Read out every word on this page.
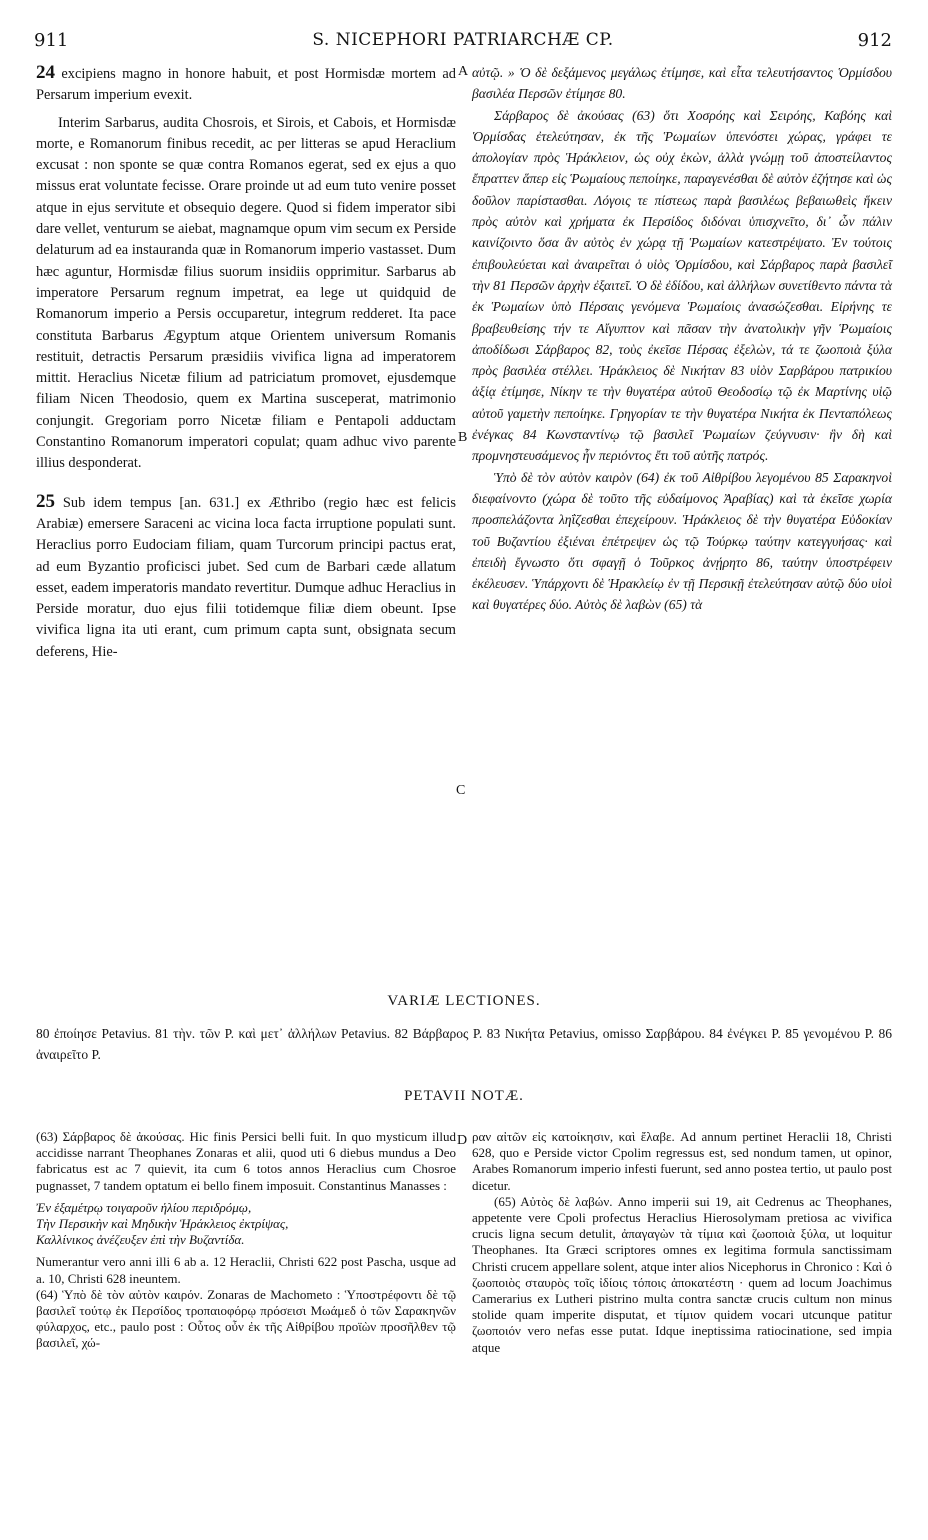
911	S. NICEPHORI PATRIARCHÆ CP.	912
A
B
C
D

24 excipiens magno in honore habuit, et post Hormisdæ mortem ad Persarum imperium evexit.

Interim Sarbarus, audita Chosrois, et Sirois, et Cabois, et Hormisdæ morte, e Romanorum finibus recedit, ac per litteras se apud Heraclium excusat : non sponte se quæ contra Romanos egerat, sed ex ejus a quo missus erat voluntate fecisse. Orare proinde ut ad eum tuto venire posset atque in ejus servitute et obsequio degere. Quod si fidem imperator sibi dare vellet, venturum se aiebat, magnamque opum vim secum ex Perside delaturum ad ea instauranda quæ in Romanorum imperio vastasset. Dum hæc aguntur, Hormisdæ filius suorum insidiis opprimitur. Sarbarus ab imperatore Persarum regnum impetrat, ea lege ut quidquid de Romanorum imperio a Persis occuparetur, integrum redderet. Ita pace constituta Barbarus Ægyptum atque Orientem universum Romanis restituit, detractis Persarum præsidiis vivifica ligna ad imperatorem mittit. Heraclius Nicetæ filium ad patriciatum promovet, ejusdemque filiam Nicen Theodosio, quem ex Martina susceperat, matrimonio conjungit. Gregoriam porro Nicetæ filiam e Pentapoli adductam Constantino Romanorum imperatori copulat; quam adhuc vivo parente illius desponderat.

25 Sub idem tempus [an. 631.] ex Æthribo (regio hæc est felicis Arabiæ) emersere Saraceni ac vicina loca facta irruptione populati sunt. Heraclius porro Eudociam filiam, quam Turcorum principi pactus erat, ad eum Byzantio proficisci jubet. Sed cum de Barbari cæde allatum esset, eadem imperatoris mandato revertitur. Dumque adhuc Heraclius in Perside moratur, duo ejus filii totidemque filiæ diem obeunt. Ipse vivifica ligna ita uti erant, cum primum capta sunt, obsignata secum deferens, Hie-

αὐτῷ. » Ὁ δὲ δεξάμενος μεγάλως ἐτίμησε, καὶ εἶτα τελευτήσαντος Ὁρμίσδου βασιλέα Περσῶν ἐτίμησε 80.

Σάρβαρος δὲ ἀκούσας (63) ὅτι Χοσρόης καὶ Σειρόης, Καβόης καὶ Ὁρμίσδας ἐτελεύτησαν, ἐκ τῆς Ῥωμαίων ὑπενόστει χώρας, γράφει τε ἀπολογίαν πρὸς Ἡράκλειον, ὡς οὐχ ἑκὼν, ἀλλὰ γνώμῃ τοῦ ἀποστείλαντος ἔπραττεν ἅπερ εἰς Ῥωμαίους πεποίηκε, παραγενέσθαι δὲ αὐτὸν ἐζήτησε καὶ ὡς δοῦλον παρίστασθαι. Λόγοις τε πίστεως παρὰ βασιλέως βεβαιωθεὶς ἥκειν πρὸς αὐτὸν καὶ χρήματα ἐκ Περσίδος διδόναι ὑπισχνεῖτο, δι᾽ ὧν πάλιν καινίζοιντο ὅσα ἂν αὐτὸς ἐν χώρᾳ τῇ Ῥωμαίων κατεστρέψατο. Ἐν τούτοις ἐπιβουλεύεται καὶ ἀναιρεῖται ὁ υἱὸς Ὁρμίσδου, καὶ Σάρβαρος παρὰ βασιλεῖ τὴν 81 Περσῶν ἀρχὴν ἐξαιτεῖ. Ὁ δὲ ἐδίδου, καὶ ἀλλήλων συνετίθεντο πάντα τὰ ἐκ Ῥωμαίων ὑπὸ Πέρσαις γενόμενα Ῥωμαίοις ἀνασώζεσθαι. Εἰρήνης τε βραβευθείσης τήν τε Αἴγυπτον καὶ πᾶσαν τὴν ἀνατολικὴν γῆν Ῥωμαίοις ἀποδίδωσι Σάρβαρος 82, τοὺς ἐκεῖσε Πέρσας ἐξελὼν, τά τε ζωοποιὰ ξύλα πρὸς βασιλέα στέλλει. Ἡράκλειος δὲ Νικήταν 83 υἱὸν Σαρβάρου πατρικίου ἀξίᾳ ἐτίμησε, Νίκην τε τὴν θυγατέρα αὐτοῦ Θεοδοσίῳ τῷ ἐκ Μαρτίνης υἱῷ αὐτοῦ γαμετὴν πεποίηκε. Γρηγορίαν τε τὴν θυγατέρα Νικήτα ἐκ Πενταπόλεως ἐνέγκας 84 Κωνσταντίνῳ τῷ βασιλεῖ Ῥωμαίων ζεύγνυσιν· ἣν δὴ καὶ προμνηστευσάμενος ἦν περιόντος ἔτι τοῦ αὐτῆς πατρός.

Ὑπὸ δὲ τὸν αὐτὸν καιρὸν (64) ἐκ τοῦ Αἰθρίβου λεγομένου 85 Σαρακηνοὶ διεφαίνοντο (χώρα δὲ τοῦτο τῆς εὐδαίμονος Ἀραβίας) καὶ τὰ ἐκεῖσε χωρία προσπελάζοντα ληΐζεσθαι ἐπεχείρουν. Ἡράκλειος δὲ τὴν θυγατέρα Εὐδοκίαν τοῦ Βυζαντίου ἐξιέναι ἐπέτρεψεν ὡς τῷ Τούρκῳ ταύτην κατεγγυήσας· καὶ ἐπειδὴ ἔγνωστο ὅτι σφαγῇ ὁ Τοῦρκος ἀνῄρητο 86, ταύτην ὑποστρέφειν ἐκέλευσεν. Ὑπάρχοντι δὲ Ἡρακλείῳ ἐν τῇ Περσικῇ ἐτελεύτησαν αὐτῷ δύο υἱοὶ καὶ θυγατέρες δύο. Αὐτὸς δὲ λαβὼν (65) τὰ

VARIÆ LECTIONES.
80 ἐποίησε Petavius. 81 τὴν. τῶν P. καὶ μετ᾽ ἀλλήλων Petavius. 82 Βάρβαρος P. 83 Νικήτα Petavius, omisso Σαρβάρου. 84 ἐνέγκει P. 85 γενομένου P. 86 ἀναιρεῖτο P.
PETAVII NOTÆ.

(63) Σάρβαρος δὲ ἀκούσας. Hic finis Persici belli fuit. In quo mysticum illud accidisse narrant Theophanes Zonaras et alii, quod uti 6 diebus mundus a Deo fabricatus est ac 7 quievit, ita cum 6 totos annos Heraclius cum Chosroe pugnasset, 7 tandem optatum ei bello finem imposuit. Constantinus Manasses :

Ἐν ἑξαμέτρῳ τοιγαροῦν ἡλίου περιδρόμῳ,
Τὴν Περσικὴν καὶ Μηδικὴν Ἡράκλειος ἐκτρίψας,
Καλλίνικος ἀνέζευξεν ἐπὶ τὴν Βυζαντίδα.

Numerantur vero anni illi 6 ab a. 12 Heraclii, Christi 622 post Pascha, usque ad a. 10, Christi 628 ineuntem.

(64) Ὑπὸ δὲ τὸν αὐτὸν καιρόν. Zonaras de Machometo : Ὑποστρέφοντι δὲ τῷ βασιλεῖ τούτῳ ἐκ Περσίδος τροπαιοφόρῳ πρόσεισι Μωάμεδ ὁ τῶν Σαρακηνῶν φύλαρχος, etc., paulo post : Οὗτος οὖν ἐκ τῆς Αἰθρίβου προϊὼν προσῆλθεν τῷ βασιλεῖ, χώ-

ραν αἰτῶν εἰς κατοίκησιν, καὶ ἔλαβε. Ad annum pertinet Heraclii 18, Christi 628, quo e Perside victor Cpolim regressus est, sed nondum tamen, ut opinor, Arabes Romanorum imperio infesti fuerunt, sed anno postea tertio, ut paulo post dicetur.

(65) Αὐτὸς δὲ λαβών. Anno imperii sui 19, ait Cedrenus ac Theophanes, appetente vere Cpoli profectus Heraclius Hierosolymam pretiosa ac vivifica crucis ligna secum detulit, ἀπαγαγὼν τὰ τίμια καὶ ζωοποιὰ ξύλα, ut loquitur Theophanes. Ita Græci scriptores omnes ex legitima formula sanctissimam Christi crucem appellare solent, atque inter alios Nicephorus in Chronico : Καὶ ὁ ζωοποιὸς σταυρὸς τοῖς ἰδίοις τόποις ἀποκατέστη · quem ad locum Joachimus Camerarius ex Lutheri pistrino multa contra sanctæ crucis cultum non minus stolide quam imperite disputat, et τίμιον quidem vocari utcunque patitur ζωοποιόν vero nefas esse putat. Idque ineptissima ratiocinatione, sed impia atque
